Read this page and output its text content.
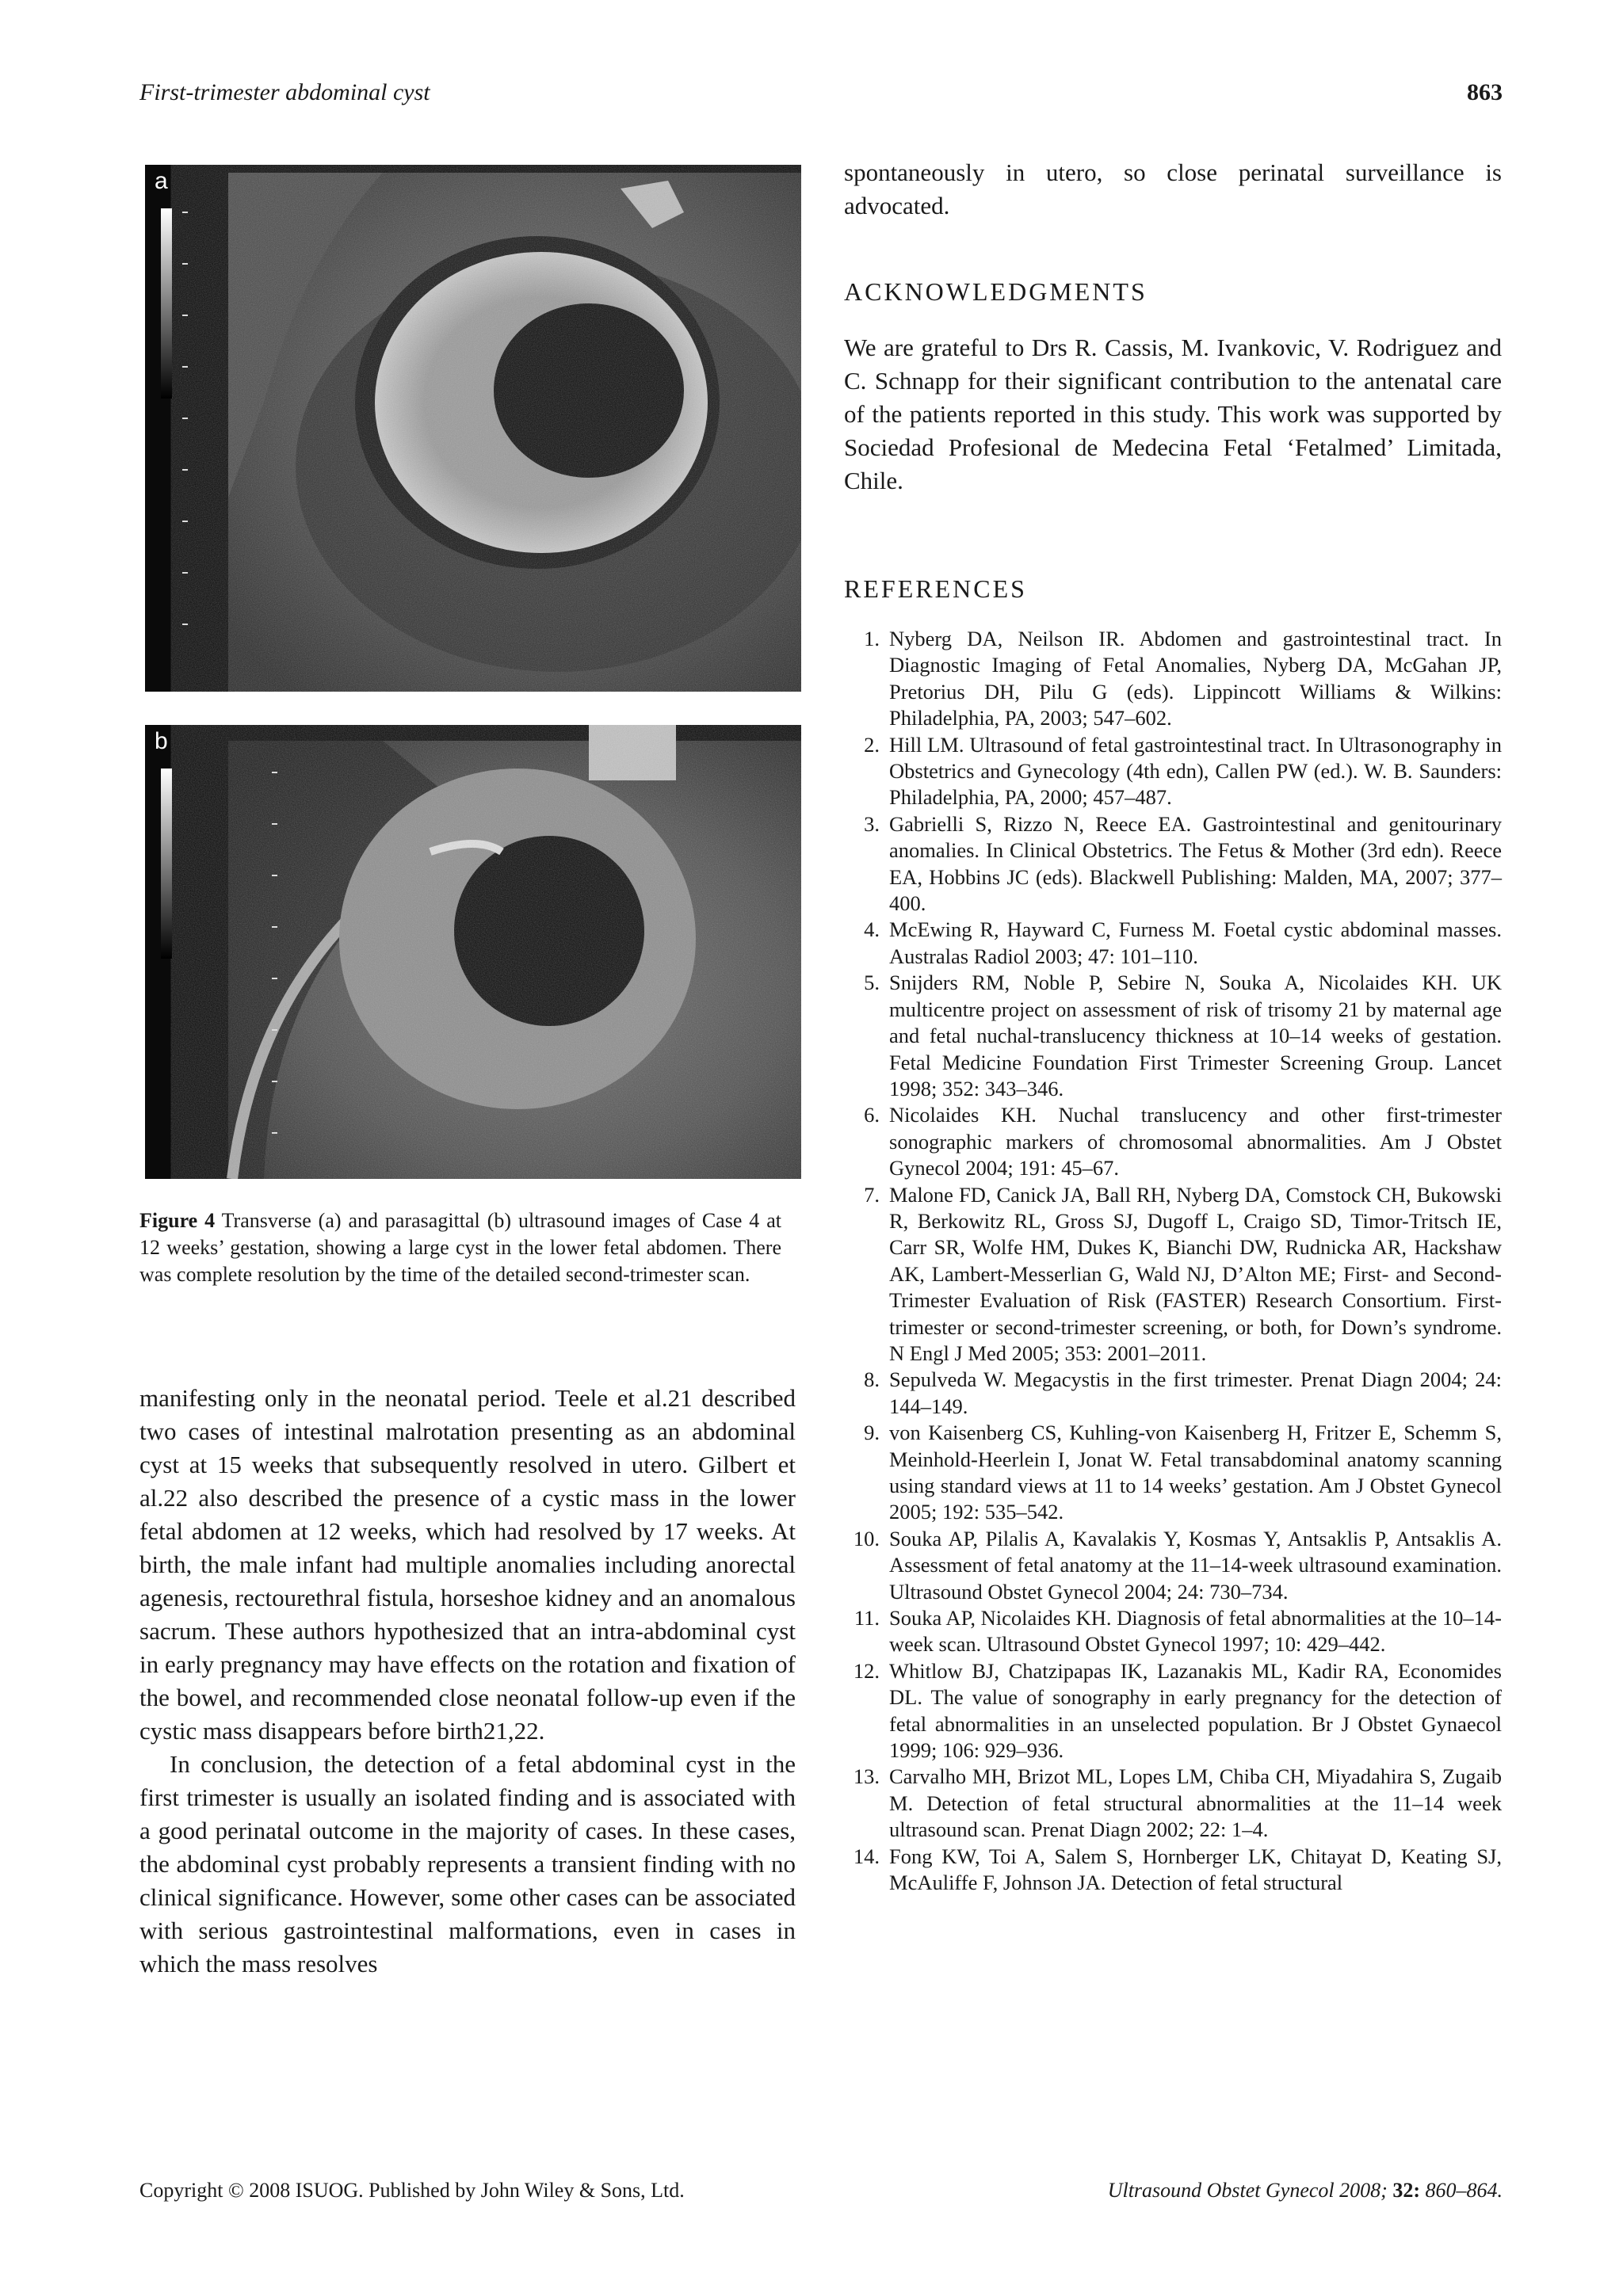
First-trimester abdominal cyst	863
a
b
Figure 4 Transverse (a) and parasagittal (b) ultrasound images of Case 4 at 12 weeks’ gestation, showing a large cyst in the lower fetal abdomen. There was complete resolution by the time of the detailed second-trimester scan.

manifesting only in the neonatal period. Teele et al.21 described two cases of intestinal malrotation presenting as an abdominal cyst at 15 weeks that subsequently resolved in utero. Gilbert et al.22 also described the presence of a cystic mass in the lower fetal abdomen at 12 weeks, which had resolved by 17 weeks. At birth, the male infant had multiple anomalies including anorectal agenesis, rectourethral fistula, horseshoe kidney and an anomalous sacrum. These authors hypothesized that an intra-abdominal cyst in early pregnancy may have effects on the rotation and fixation of the bowel, and recommended close neonatal follow-up even if the cystic mass disappears before birth21,22.

In conclusion, the detection of a fetal abdominal cyst in the first trimester is usually an isolated finding and is associated with a good perinatal outcome in the majority of cases. In these cases, the abdominal cyst probably represents a transient finding with no clinical significance. However, some other cases can be associated with serious gastrointestinal malformations, even in cases in which the mass resolves

spontaneously in utero, so close perinatal surveillance is advocated.
ACKNOWLEDGMENTS
We are grateful to Drs R. Cassis, M. Ivankovic, V. Rodriguez and C. Schnapp for their significant contribution to the antenatal care of the patients reported in this study. This work was supported by Sociedad Profesional de Medecina Fetal ‘Fetalmed’ Limitada, Chile.
REFERENCES
1. Nyberg DA, Neilson IR. Abdomen and gastrointestinal tract. In Diagnostic Imaging of Fetal Anomalies, Nyberg DA, McGahan JP, Pretorius DH, Pilu G (eds). Lippincott Williams & Wilkins: Philadelphia, PA, 2003; 547–602.
2. Hill LM. Ultrasound of fetal gastrointestinal tract. In Ultrasonography in Obstetrics and Gynecology (4th edn), Callen PW (ed.). W. B. Saunders: Philadelphia, PA, 2000; 457–487.
3. Gabrielli S, Rizzo N, Reece EA. Gastrointestinal and genitourinary anomalies. In Clinical Obstetrics. The Fetus & Mother (3rd edn). Reece EA, Hobbins JC (eds). Blackwell Publishing: Malden, MA, 2007; 377–400.
4. McEwing R, Hayward C, Furness M. Foetal cystic abdominal masses. Australas Radiol 2003; 47: 101–110.
5. Snijders RM, Noble P, Sebire N, Souka A, Nicolaides KH. UK multicentre project on assessment of risk of trisomy 21 by maternal age and fetal nuchal-translucency thickness at 10–14 weeks of gestation. Fetal Medicine Foundation First Trimester Screening Group. Lancet 1998; 352: 343–346.
6. Nicolaides KH. Nuchal translucency and other first-trimester sonographic markers of chromosomal abnormalities. Am J Obstet Gynecol 2004; 191: 45–67.
7. Malone FD, Canick JA, Ball RH, Nyberg DA, Comstock CH, Bukowski R, Berkowitz RL, Gross SJ, Dugoff L, Craigo SD, Timor-Tritsch IE, Carr SR, Wolfe HM, Dukes K, Bianchi DW, Rudnicka AR, Hackshaw AK, Lambert-Messerlian G, Wald NJ, D’Alton ME; First- and Second-Trimester Evaluation of Risk (FASTER) Research Consortium. First-trimester or second-trimester screening, or both, for Down’s syndrome. N Engl J Med 2005; 353: 2001–2011.
8. Sepulveda W. Megacystis in the first trimester. Prenat Diagn 2004; 24: 144–149.
9. von Kaisenberg CS, Kuhling-von Kaisenberg H, Fritzer E, Schemm S, Meinhold-Heerlein I, Jonat W. Fetal transabdominal anatomy scanning using standard views at 11 to 14 weeks’ gestation. Am J Obstet Gynecol 2005; 192: 535–542.
10. Souka AP, Pilalis A, Kavalakis Y, Kosmas Y, Antsaklis P, Antsaklis A. Assessment of fetal anatomy at the 11–14-week ultrasound examination. Ultrasound Obstet Gynecol 2004; 24: 730–734.
11. Souka AP, Nicolaides KH. Diagnosis of fetal abnormalities at the 10–14-week scan. Ultrasound Obstet Gynecol 1997; 10: 429–442.
12. Whitlow BJ, Chatzipapas IK, Lazanakis ML, Kadir RA, Economides DL. The value of sonography in early pregnancy for the detection of fetal abnormalities in an unselected population. Br J Obstet Gynaecol 1999; 106: 929–936.
13. Carvalho MH, Brizot ML, Lopes LM, Chiba CH, Miyadahira S, Zugaib M. Detection of fetal structural abnormalities at the 11–14 week ultrasound scan. Prenat Diagn 2002; 22: 1–4.
14. Fong KW, Toi A, Salem S, Hornberger LK, Chitayat D, Keating SJ, McAuliffe F, Johnson JA. Detection of fetal structural
Copyright © 2008 ISUOG. Published by John Wiley & Sons, Ltd.	Ultrasound Obstet Gynecol 2008; 32: 860–864.
